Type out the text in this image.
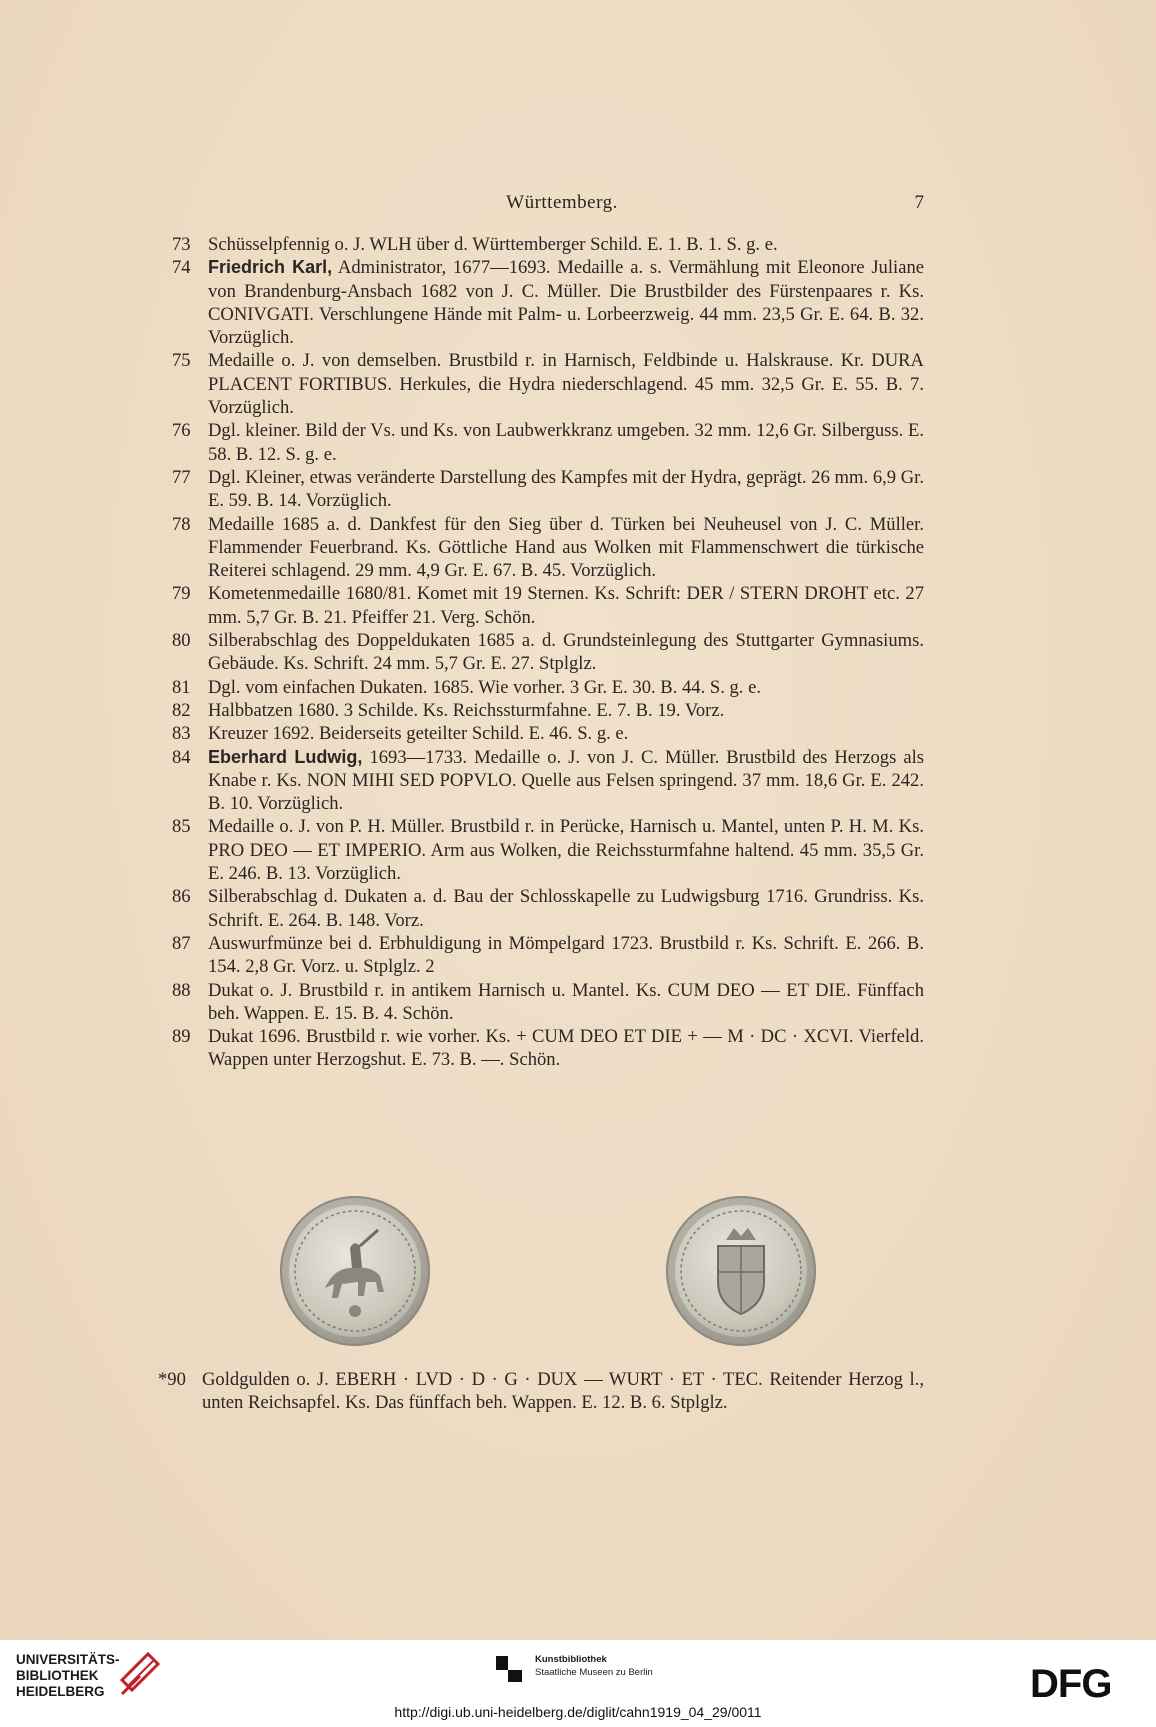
Württemberg.	7
73 Schüsselpfennig o. J. WLH über d. Württemberger Schild. E. 1. B. 1. S. g. e.
74 Friedrich Karl, Administrator, 1677—1693. Medaille a. s. Vermählung mit Eleonore Juliane von Brandenburg-Ansbach 1682 von J. C. Müller. Die Brustbilder des Fürstenpaares r. Ks. CONIVGATI. Verschlungene Hände mit Palm- u. Lorbeerzweig. 44 mm. 23,5 Gr. E. 64. B. 32. Vorzüglich.
75 Medaille o. J. von demselben. Brustbild r. in Harnisch, Feldbinde u. Halskrause. Kr. DURA PLACENT FORTIBUS. Herkules, die Hydra niederschlagend. 45 mm. 32,5 Gr. E. 55. B. 7. Vorzüglich.
76 Dgl. kleiner. Bild der Vs. und Ks. von Laubwerkkranz umgeben. 32 mm. 12,6 Gr. Silberguss. E. 58. B. 12. S. g. e.
77 Dgl. Kleiner, etwas veränderte Darstellung des Kampfes mit der Hydra, geprägt. 26 mm. 6,9 Gr. E. 59. B. 14. Vorzüglich.
78 Medaille 1685 a. d. Dankfest für den Sieg über d. Türken bei Neuheusel von J. C. Müller. Flammender Feuerbrand. Ks. Göttliche Hand aus Wolken mit Flammenschwert die türkische Reiterei schlagend. 29 mm. 4,9 Gr. E. 67. B. 45. Vorzüglich.
79 Kometenmedaille 1680/81. Komet mit 19 Sternen. Ks. Schrift: DER / STERN DROHT etc. 27 mm. 5,7 Gr. B. 21. Pfeiffer 21. Verg. Schön.
80 Silberabschlag des Doppeldukaten 1685 a. d. Grundsteinlegung des Stuttgarter Gymnasiums. Gebäude. Ks. Schrift. 24 mm. 5,7 Gr. E. 27. Stplglz.
81 Dgl. vom einfachen Dukaten. 1685. Wie vorher. 3 Gr. E. 30. B. 44. S. g. e.
82 Halbbatzen 1680. 3 Schilde. Ks. Reichssturmfahne. E. 7. B. 19. Vorz.
83 Kreuzer 1692. Beiderseits geteilter Schild. E. 46. S. g. e.
84 Eberhard Ludwig, 1693—1733. Medaille o. J. von J. C. Müller. Brustbild des Herzogs als Knabe r. Ks. NON MIHI SED POPVLO. Quelle aus Felsen springend. 37 mm. 18,6 Gr. E. 242. B. 10. Vorzüglich.
85 Medaille o. J. von P. H. Müller. Brustbild r. in Perücke, Harnisch u. Mantel, unten P. H. M. Ks. PRO DEO — ET IMPERIO. Arm aus Wolken, die Reichssturmfahne haltend. 45 mm. 35,5 Gr. E. 246. B. 13. Vorzüglich.
86 Silberabschlag d. Dukaten a. d. Bau der Schlosskapelle zu Ludwigsburg 1716. Grundriss. Ks. Schrift. E. 264. B. 148. Vorz.
87 Auswurfmünze bei d. Erbhuldigung in Mömpelgard 1723. Brustbild r. Ks. Schrift. E. 266. B. 154. 2,8 Gr. Vorz. u. Stplglz. 2
88 Dukat o. J. Brustbild r. in antikem Harnisch u. Mantel. Ks. CUM DEO — ET DIE. Fünffach beh. Wappen. E. 15. B. 4. Schön.
89 Dukat 1696. Brustbild r. wie vorher. Ks. + CUM DEO ET DIE + — M · DC · XCVI. Vierfeld. Wappen unter Herzogshut. E. 73. B. —. Schön.
*90 Goldgulden o. J. EBERH · LVD · D · G · DUX — WURT · ET · TEC. Reitender Herzog l., unten Reichsapfel. Ks. Das fünffach beh. Wappen. E. 12. B. 6. Stplglz.
UNIVERSITÄTS-
BIBLIOTHEK
HEIDELBERG
Kunstbibliothek
Staatliche Museen zu Berlin	DFG
http://digi.ub.uni-heidelberg.de/diglit/cahn1919_04_29/0011
